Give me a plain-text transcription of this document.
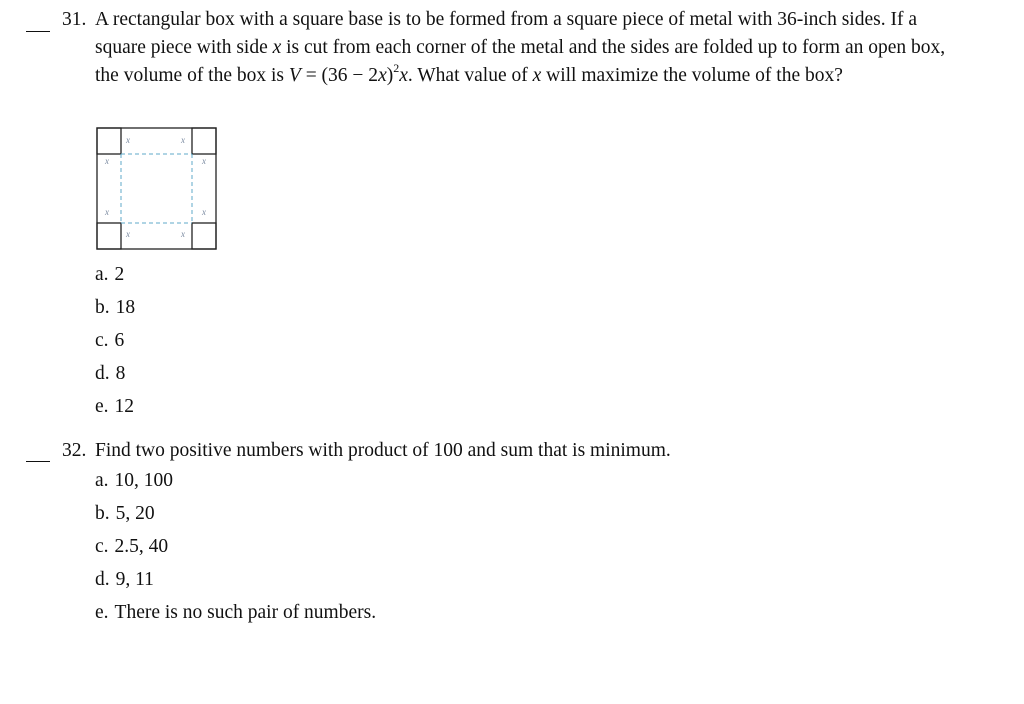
31. A rectangular box with a square base is to be formed from a square piece of metal with 36-inch sides. If a
square piece with side x is cut from each corner of the metal and the sides are folded up to form an open box,
the volume of the box is $V = (36 - 2x)^2x$. What value of x will maximize the volume of the box?
x	x
x	x
x	x
x	x
a. 2
b. 18
c. 6
d. 8
e. 12
32. Find two positive numbers with product of 100 and sum that is minimum.
a. 10, 100
b. 5, 20
c. 2.5, 40
d. 9, 11
e. There is no such pair of numbers.
